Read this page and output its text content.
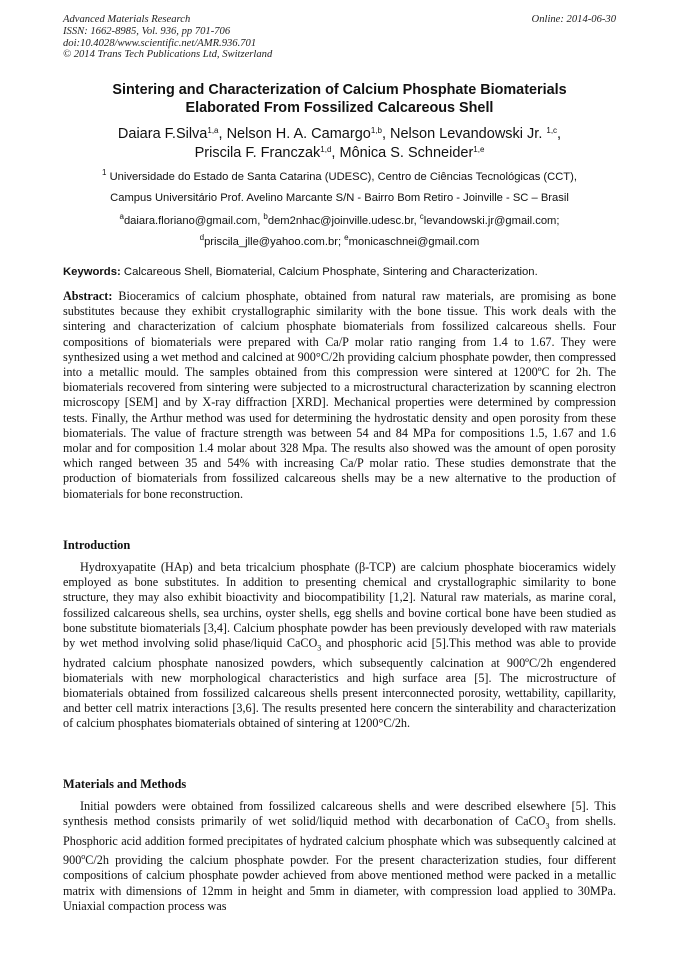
Advanced Materials Research
ISSN: 1662-8985, Vol. 936, pp 701-706
doi:10.4028/www.scientific.net/AMR.936.701
© 2014 Trans Tech Publications Ltd, Switzerland
Online: 2014-06-30
Sintering and Characterization of Calcium Phosphate Biomaterials
Elaborated From Fossilized Calcareous Shell
Daiara F.Silva$^{1,a}$, Nelson H. A. Camargo$^{1,b}$, Nelson Levandowski Jr. $^{1,c}$,
Priscila F. Franczak$^{1,d}$, Mônica S. Schneider$^{1,e}$
$^1$ Universidade do Estado de Santa Catarina (UDESC), Centro de Ciências Tecnológicas (CCT),
Campus Universitário Prof. Avelino Marcante S/N - Bairro Bom Retiro - Joinville - SC – Brasil
$^a$daiara.floriano@gmail.com, $^b$dem2nhac@joinville.udesc.br, $^c$levandowski.jr@gmail.com;
$^d$priscila_jlle@yahoo.com.br; $^e$monicaschnei@gmail.com
Keywords: Calcareous Shell, Biomaterial, Calcium Phosphate, Sintering and Characterization.
Abstract: Bioceramics of calcium phosphate, obtained from natural raw materials, are promising as bone substitutes because they exhibit crystallographic similarity with the bone tissue. This work deals with the sintering and characterization of calcium phosphate biomaterials from fossilized calcareous shells. Four compositions of biomaterials were prepared with Ca/P molar ratio ranging from 1.4 to 1.67. They were synthesized using a wet method and calcined at 900°C/2h providing calcium phosphate powder, then compressed into a metallic mould. The samples obtained from this compression were sintered at 1200ºC for 2h. The biomaterials recovered from sintering were subjected to a microstructural characterization by scanning electron microscopy [SEM] and by X-ray diffraction [XRD]. Mechanical properties were determined by compression tests. Finally, the Arthur method was used for determining the hydrostatic density and open porosity from these biomaterials. The value of fracture strength was between 54 and 84 MPa for compositions 1.5, 1.67 and 1.6 molar and for composition 1.4 molar about 328 Mpa. The results also showed was the amount of open porosity which ranged between 35 and 54% with increasing Ca/P molar ratio. These studies demonstrate that the production of biomaterials from fossilized calcareous shells may be a new alternative to the production of biomaterials for bone reconstruction.
Introduction
Hydroxyapatite (HAp) and beta tricalcium phosphate (β-TCP) are calcium phosphate bioceramics widely employed as bone substitutes. In addition to presenting chemical and crystallographic similarity to bone structure, they may also exhibit bioactivity and biocompatibility [1,2]. Natural raw materials, as marine coral, fossilized calcareous shells, sea urchins, oyster shells, egg shells and bovine cortical bone have been studied as bone substitute biomaterials [3,4]. Calcium phosphate powder has been previously developed with raw materials by wet method involving solid phase/liquid CaCO$_3$ and phosphoric acid [5].This method was able to provide hydrated calcium phosphate nanosized powders, which subsequently calcination at 900ºC/2h engendered biomaterials with new morphological characteristics and high surface area [5]. The microstructure of biomaterials obtained from fossilized calcareous shells present interconnected porosity, wettability, capillarity, and better cell matrix interactions [3,6]. The results presented here concern the sinterability and characterization of calcium phosphates biomaterials obtained of sintering at 1200°C/2h.
Materials and Methods
Initial powders were obtained from fossilized calcareous shells and were described elsewhere [5]. This synthesis method consists primarily of wet solid/liquid method with decarbonation of CaCO$_3$ from shells. Phosphoric acid addition formed precipitates of hydrated calcium phosphate which was subsequently calcined at 900$^o$C/2h providing the calcium phosphate powder. For the present characterization studies, four different compositions of calcium phosphate powder achieved from above mentioned method were packed in a metallic matrix with dimensions of 12mm in height and 5mm in diameter, with compression load applied to 30MPa. Uniaxial compaction process was
